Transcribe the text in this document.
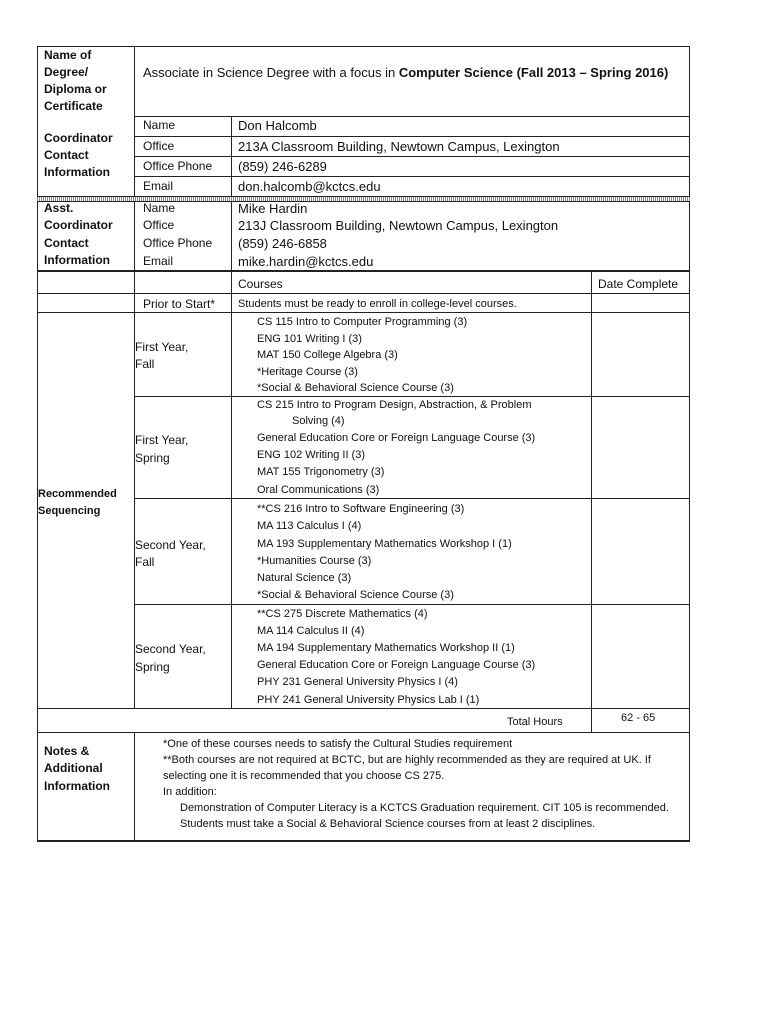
Name of
Degree/
Diploma or
Certificate
Associate in Science Degree with a focus in Computer Science (Fall 2013 – Spring 2016)
Coordinator
Contact
Information
Name	Don Halcomb
Office	213A Classroom Building, Newtown Campus, Lexington
Office Phone (859) 246-6289
Email	don.halcomb@kctcs.edu
Asst.
Coordinator
Contact
Information
Name	Mike Hardin
Office	213J Classroom Building, Newtown Campus, Lexington
Office Phone (859) 246-6858
Email	mike.hardin@kctcs.edu
Courses	Date Complete
Prior to Start* Students must be ready to enroll in college-level courses.
Recommended
Sequencing
First Year,
Fall
CS 115 Intro to Computer Programming (3)
ENG 101 Writing I (3)
MAT 150 College Algebra (3)
*Heritage Course (3)
*Social & Behavioral Science Course (3)
First Year,
Spring
CS 215 Intro to Program Design, Abstraction, & Problem
Solving (4)
General Education Core or Foreign Language Course (3)
ENG 102 Writing II (3)
MAT 155 Trigonometry (3)
Oral Communications (3)
Second Year,
Fall
**CS 216 Intro to Software Engineering (3)
MA 113 Calculus I (4)
MA 193 Supplementary Mathematics Workshop I (1)
*Humanities Course (3)
Natural Science (3)
*Social & Behavioral Science Course (3)
Second Year,
Spring
**CS 275 Discrete Mathematics (4)
MA 114 Calculus II (4)
MA 194 Supplementary Mathematics Workshop II (1)
General Education Core or Foreign Language Course (3)
PHY 231 General University Physics I (4)
PHY 241 General University Physics Lab I (1)
Total Hours	62 - 65
Notes &
Additional
Information
*One of these courses needs to satisfy the Cultural Studies requirement
**Both courses are not required at BCTC, but are highly recommended as they are required at UK. If
selecting one it is recommended that you choose CS 275.
In addition:
Demonstration of Computer Literacy is a KCTCS Graduation requirement. CIT 105 is recommended.
Students must take a Social & Behavioral Science courses from at least 2 disciplines.
